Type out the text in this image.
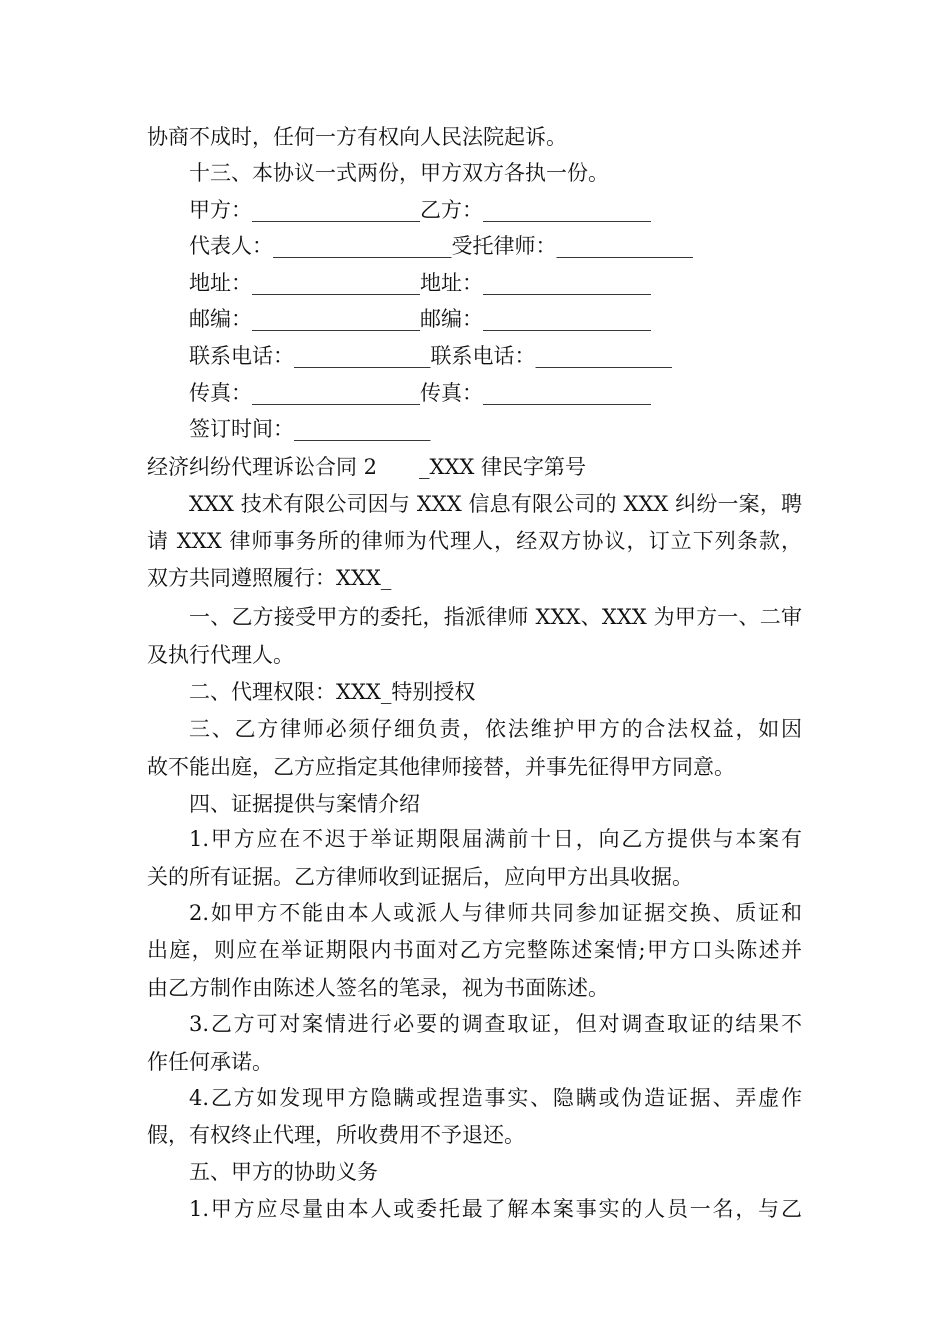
协商不成时，任何一方有权向人民法院起诉。
十三、本协议一式两份，甲方双方各执一份。
甲方：________________乙方：________________
代表人：_________________受托律师：_____________
地址：________________地址：________________
邮编：________________邮编：________________
联系电话：_____________联系电话：_____________
传真：________________传真：________________
签订时间：_____________
经济纠纷代理诉讼合同 2　　_XXX 律民字第号
XXX 技术有限公司因与 XXX 信息有限公司的 XXX 纠纷一案，聘
请 XXX 律师事务所的律师为代理人，经双方协议，订立下列条款，
双方共同遵照履行：XXX_
一、乙方接受甲方的委托，指派律师 XXX、XXX 为甲方一、二审
及执行代理人。
二、代理权限：XXX_特别授权
三、乙方律师必须仔细负责，依法维护甲方的合法权益，如因
故不能出庭，乙方应指定其他律师接替，并事先征得甲方同意。
四、证据提供与案情介绍
1.甲方应在不迟于举证期限届满前十日，向乙方提供与本案有
关的所有证据。乙方律师收到证据后，应向甲方出具收据。
2.如甲方不能由本人或派人与律师共同参加证据交换、质证和
出庭，则应在举证期限内书面对乙方完整陈述案情;甲方口头陈述并
由乙方制作由陈述人签名的笔录，视为书面陈述。
3.乙方可对案情进行必要的调查取证，但对调查取证的结果不
作任何承诺。
4.乙方如发现甲方隐瞒或捏造事实、隐瞒或伪造证据、弄虚作
假，有权终止代理，所收费用不予退还。
五、甲方的协助义务
1.甲方应尽量由本人或委托最了解本案事实的人员一名，与乙
